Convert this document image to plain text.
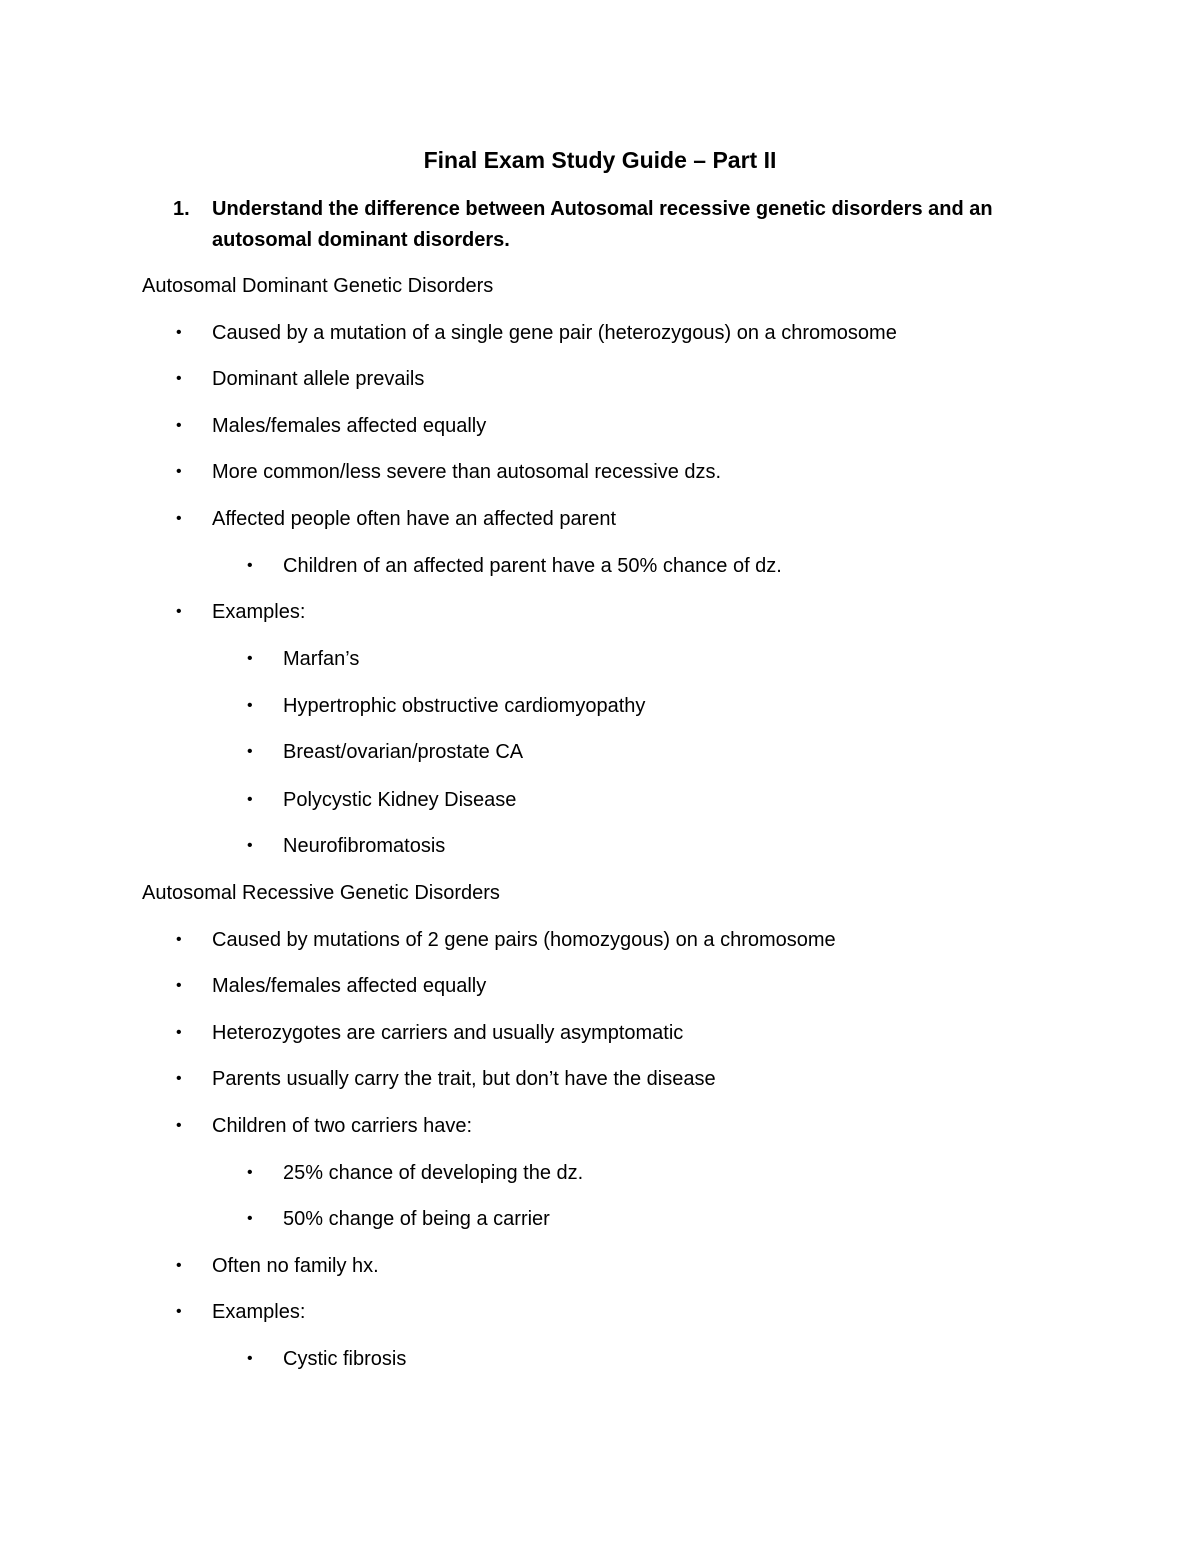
Final Exam Study Guide – Part II
1. Understand the difference between Autosomal recessive genetic disorders and an autosomal dominant disorders.
Autosomal Dominant Genetic Disorders
• Caused by a mutation of a single gene pair (heterozygous) on a chromosome
• Dominant allele prevails
• Males/females affected equally
• More common/less severe than autosomal recessive dzs.
• Affected people often have an affected parent
• Children of an affected parent have a 50% chance of dz.
• Examples:
• Marfan’s
• Hypertrophic obstructive cardiomyopathy
• Breast/ovarian/prostate CA
• Polycystic Kidney Disease
• Neurofibromatosis
Autosomal Recessive Genetic Disorders
• Caused by mutations of 2 gene pairs (homozygous) on a chromosome
• Males/females affected equally
• Heterozygotes are carriers and usually asymptomatic
• Parents usually carry the trait, but don’t have the disease
• Children of two carriers have:
• 25% chance of developing the dz.
• 50% change of being a carrier
• Often no family hx.
• Examples:
• Cystic fibrosis
